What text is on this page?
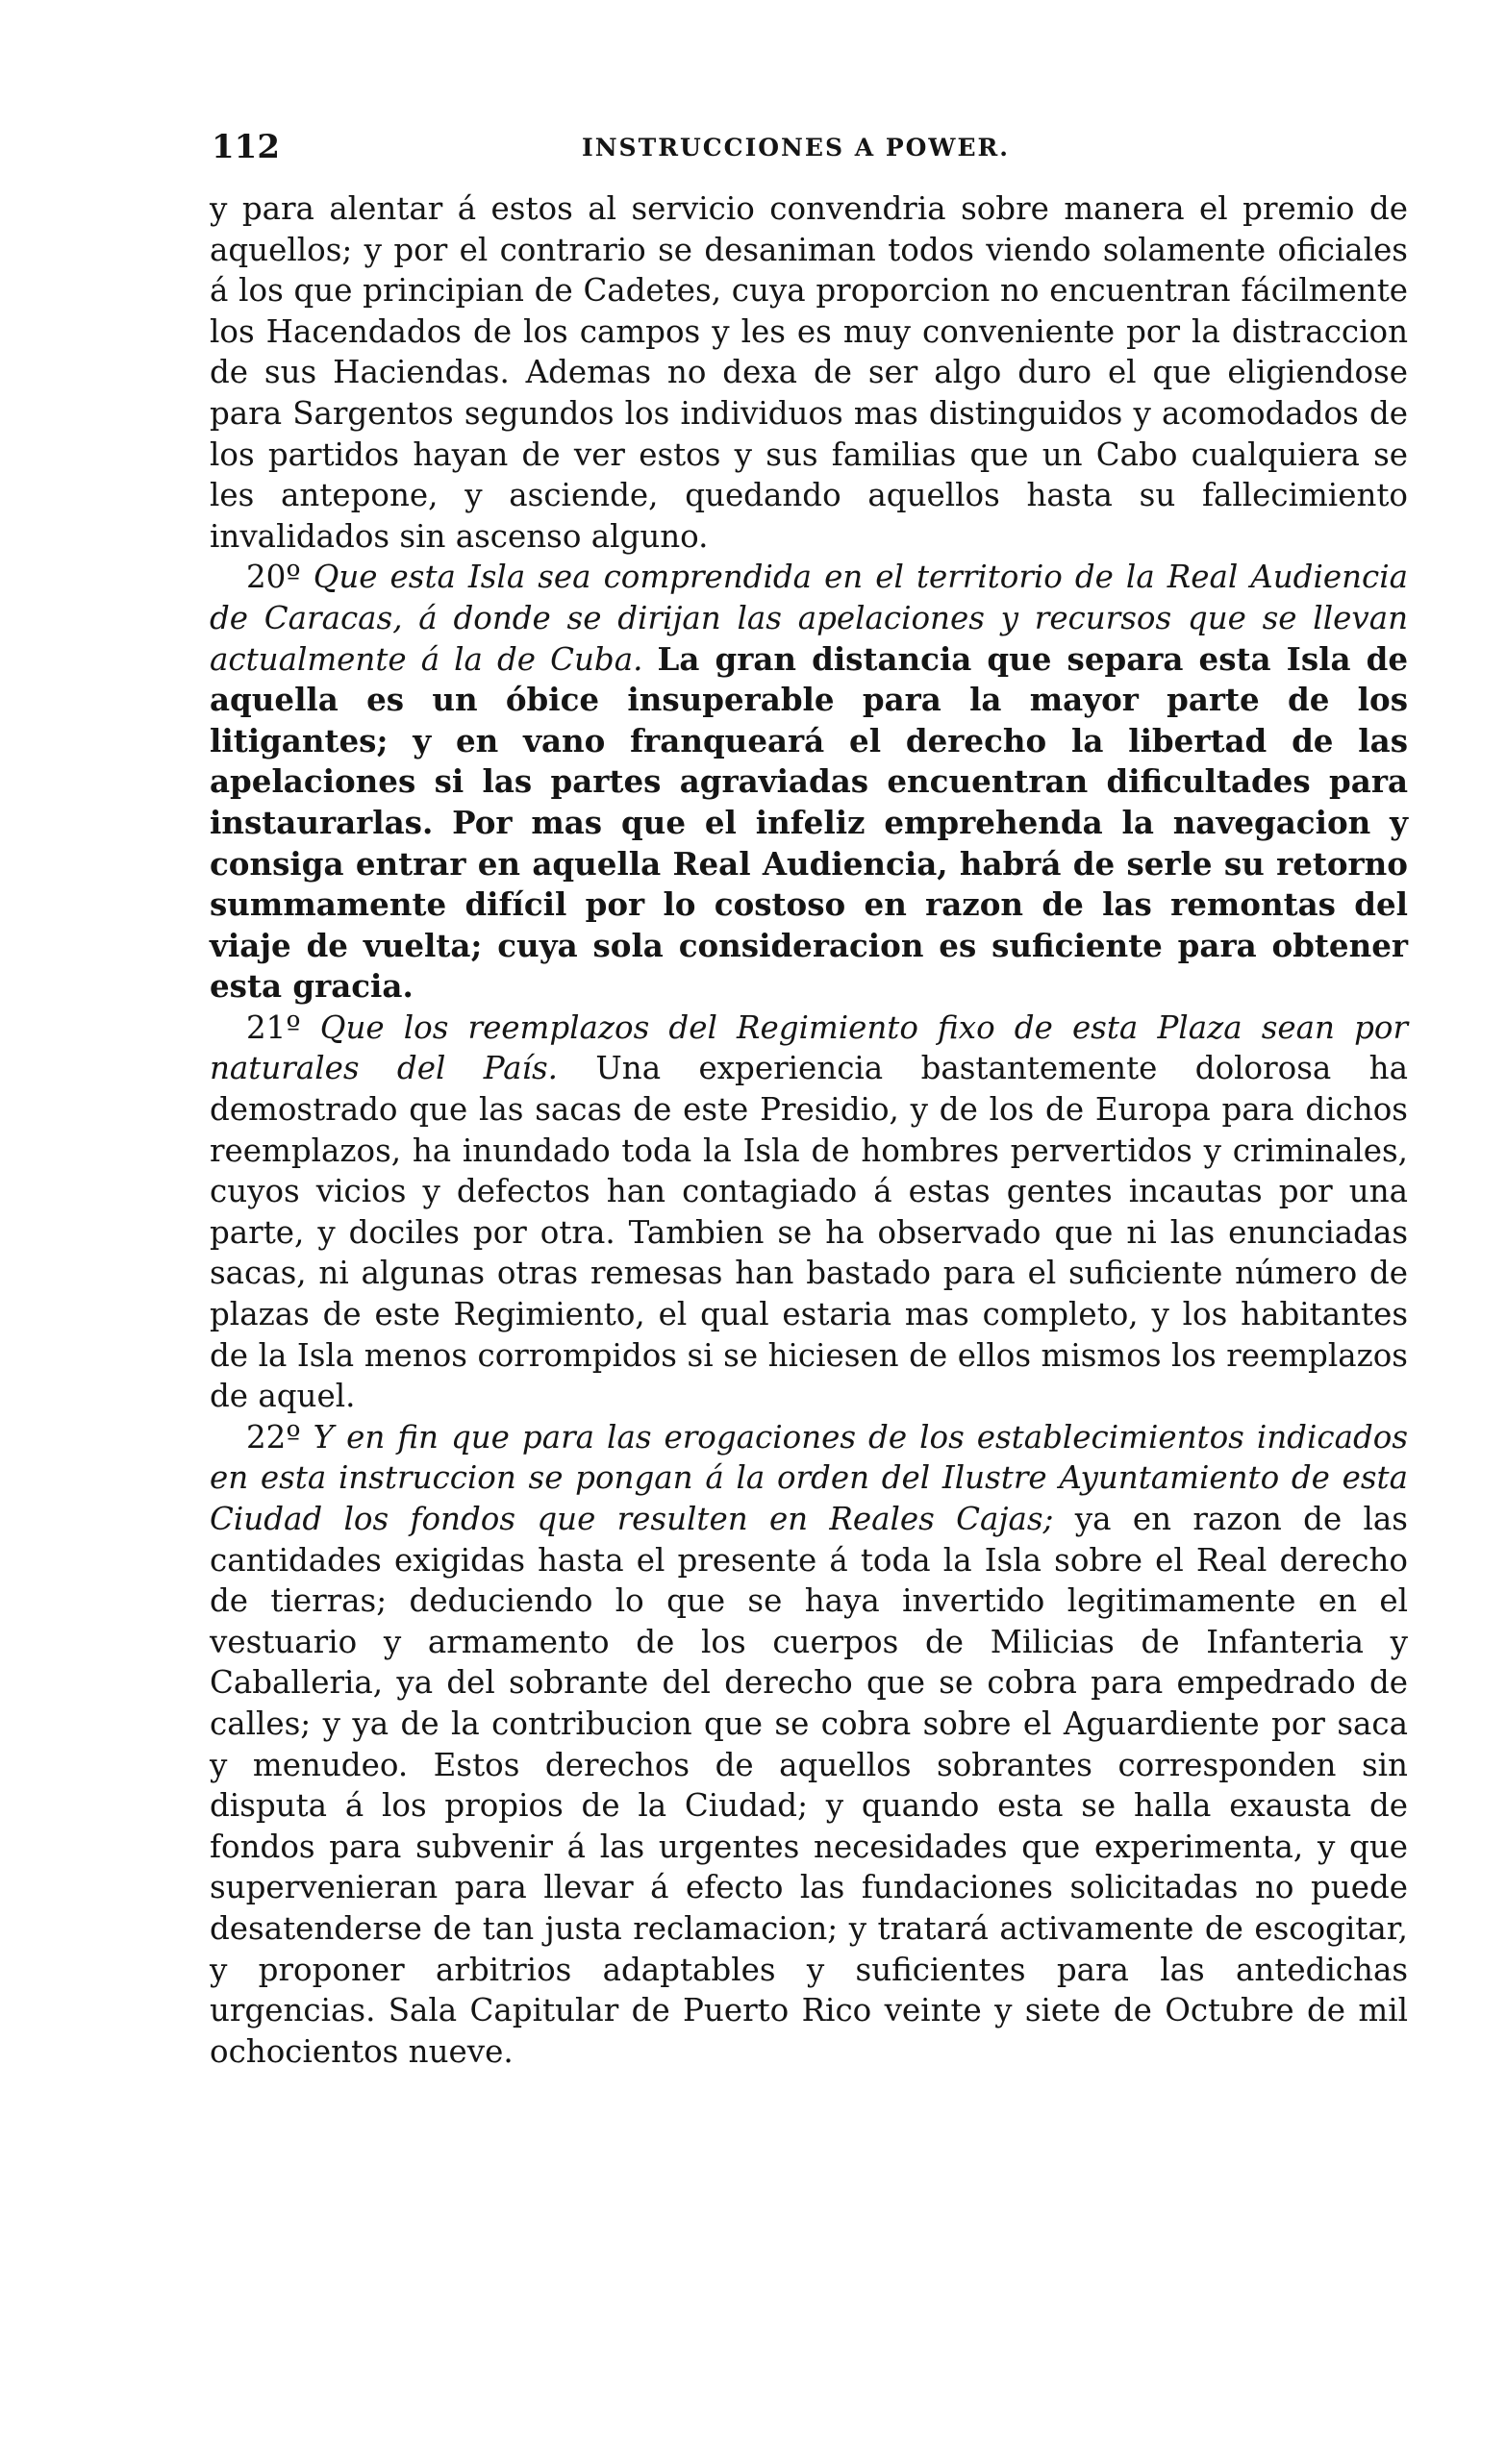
112	INSTRUCCIONES A POWER.

y para alentar á estos al servicio convendria sobre manera el premio de aquellos; y por el contrario se desaniman todos viendo solamente oficiales á los que principian de Cadetes, cuya proporcion no encuentran fácilmente los Hacendados de los campos y les es muy conveniente por la distraccion de sus Haciendas. Ademas no dexa de ser algo duro el que eligiendose para Sargentos segundos los individuos mas distinguidos y acomodados de los partidos hayan de ver estos y sus familias que un Cabo cualquiera se les antepone, y asciende, quedando aquellos hasta su fallecimiento invalidados sin ascenso alguno.

20º Que esta Isla sea comprendida en el territorio de la Real Audiencia de Caracas, á donde se dirijan las apelaciones y recursos que se llevan actualmente á la de Cuba. La gran distancia que separa esta Isla de aquella es un óbice insuperable para la mayor parte de los litigantes; y en vano franqueará el derecho la libertad de las apelaciones si las partes agraviadas encuentran dificultades para instaurarlas. Por mas que el infeliz emprehenda la navegacion y consiga entrar en aquella Real Audiencia, habrá de serle su retorno summamente difícil por lo costoso en razon de las remontas del viaje de vuelta; cuya sola consideracion es suficiente para obtener esta gracia.

21º Que los reemplazos del Regimiento fixo de esta Plaza sean por naturales del País. Una experiencia bastantemente dolorosa ha demostrado que las sacas de este Presidio, y de los de Europa para dichos reemplazos, ha inundado toda la Isla de hombres pervertidos y criminales, cuyos vicios y defectos han contagiado á estas gentes incautas por una parte, y dociles por otra. Tambien se ha observado que ni las enunciadas sacas, ni algunas otras remesas han bastado para el suficiente número de plazas de este Regimiento, el qual estaria mas completo, y los habitantes de la Isla menos corrompidos si se hiciesen de ellos mismos los reemplazos de aquel.

22º Y en fin que para las erogaciones de los establecimientos indicados en esta instruccion se pongan á la orden del Ilustre Ayuntamiento de esta Ciudad los fondos que resulten en Reales Cajas; ya en razon de las cantidades exigidas hasta el presente á toda la Isla sobre el Real derecho de tierras; deduciendo lo que se haya invertido legitimamente en el vestuario y armamento de los cuerpos de Milicias de Infanteria y Caballeria, ya del sobrante del derecho que se cobra para empedrado de calles; y ya de la contribucion que se cobra sobre el Aguardiente por saca y menudeo. Estos derechos de aquellos sobrantes corresponden sin disputa á los propios de la Ciudad; y quando esta se halla exausta de fondos para subvenir á las urgentes necesidades que experimenta, y que supervenieran para llevar á efecto las fundaciones solicitadas no puede desatenderse de tan justa reclamacion; y tratará activamente de escogitar, y proponer arbitrios adaptables y suficientes para las antedichas urgencias. Sala Capitular de Puerto Rico veinte y siete de Octubre de mil ochocientos nueve.
